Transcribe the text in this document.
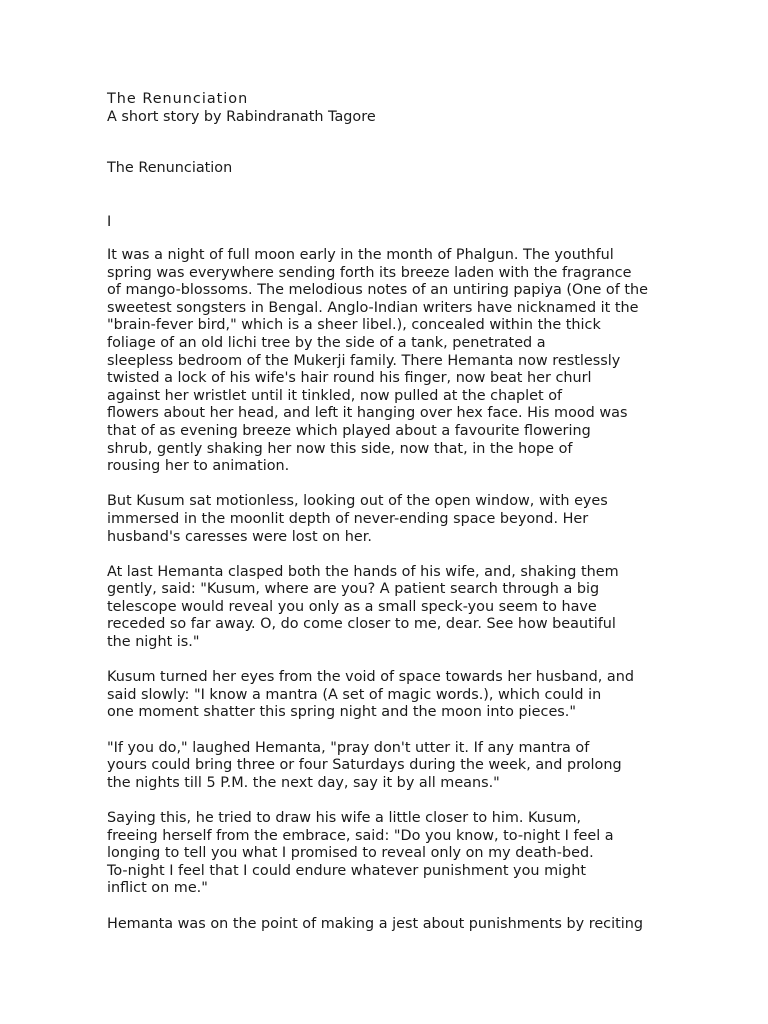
The Renunciation

A short story by Rabindranath Tagore

The Renunciation

I

It was a night of full moon early in the month of Phalgun. The youthful
spring was everywhere sending forth its breeze laden with the fragrance
of mango-blossoms. The melodious notes of an untiring papiya (One of the
sweetest songsters in Bengal. Anglo-Indian writers have nicknamed it the
"brain-fever bird," which is a sheer libel.), concealed within the thick
foliage of an old lichi tree by the side of a tank, penetrated a
sleepless bedroom of the Mukerji family. There Hemanta now restlessly
twisted a lock of his wife's hair round his finger, now beat her churl
against her wristlet until it tinkled, now pulled at the chaplet of
flowers about her head, and left it hanging over hex face. His mood was
that of as evening breeze which played about a favourite flowering
shrub, gently shaking her now this side, now that, in the hope of
rousing her to animation.

But Kusum sat motionless, looking out of the open window, with eyes
immersed in the moonlit depth of never-ending space beyond. Her
husband's caresses were lost on her.

At last Hemanta clasped both the hands of his wife, and, shaking them
gently, said: "Kusum, where are you? A patient search through a big
telescope would reveal you only as a small speck-you seem to have
receded so far away. O, do come closer to me, dear. See how beautiful
the night is."

Kusum turned her eyes from the void of space towards her husband, and
said slowly: "I know a mantra (A set of magic words.), which could in
one moment shatter this spring night and the moon into pieces."

"If you do," laughed Hemanta, "pray don't utter it. If any mantra of
yours could bring three or four Saturdays during the week, and prolong
the nights till 5 P.M. the next day, say it by all means."

Saying this, he tried to draw his wife a little closer to him. Kusum,
freeing herself from the embrace, said: "Do you know, to-night I feel a
longing to tell you what I promised to reveal only on my death-bed.
To-night I feel that I could endure whatever punishment you might
inflict on me."

Hemanta was on the point of making a jest about punishments by reciting
